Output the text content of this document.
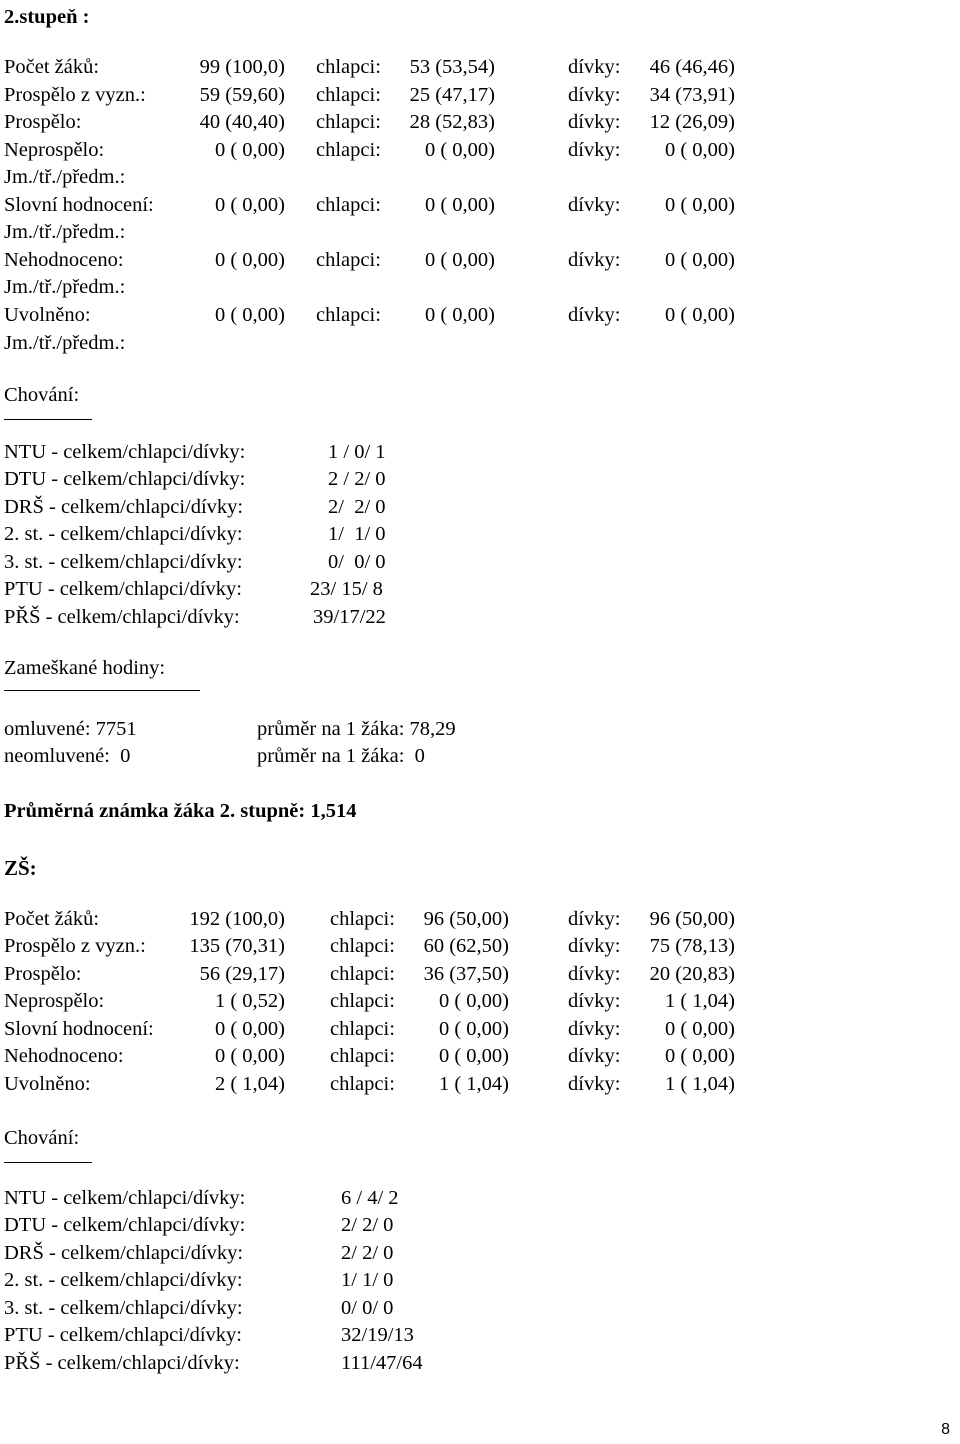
2.stupeň :
Počet žáků:	99 (100,0) chlapci: 53 (53,54)	dívky: 46 (46,46)
Prospělo z vyzn.:	59 (59,60) chlapci: 25 (47,17)	dívky: 34 (73,91)
Prospělo:	40 (40,40) chlapci: 28 (52,83)	dívky: 12 (26,09)
Neprospělo:	0 ( 0,00) chlapci: 0 ( 0,00)	dívky: 0 ( 0,00)
Jm./tř./předm.:
Slovní hodnocení:	0 ( 0,00) chlapci: 0 ( 0,00)	dívky: 0 ( 0,00)
Jm./tř./předm.:
Nehodnoceno:	0 ( 0,00) chlapci: 0 ( 0,00)	dívky: 0 ( 0,00)
Jm./tř./předm.:
Uvolněno:	0 ( 0,00) chlapci: 0 ( 0,00)	dívky: 0 ( 0,00)
Jm./tř./předm.:
Chování:
NTU - celkem/chlapci/dívky:	1 / 0/ 1
DTU - celkem/chlapci/dívky:	2 / 2/ 0
DRŠ - celkem/chlapci/dívky:	2/  2/ 0
2. st. - celkem/chlapci/dívky:	1/  1/ 0
3. st. - celkem/chlapci/dívky:	0/  0/ 0
PTU - celkem/chlapci/dívky:	23/ 15/ 8
PŘŠ - celkem/chlapci/dívky:	39/17/22
Zameškané hodiny:
omluvené: 7751	průměr na 1 žáka: 78,29
neomluvené:  0	průměr na 1 žáka:  0
Průměrná známka žáka 2. stupně: 1,514
ZŠ:
Počet žáků:	192 (100,0) chlapci: 96 (50,00)	dívky: 96 (50,00)
Prospělo z vyzn.: 135 (70,31) chlapci: 60 (62,50)	dívky: 75 (78,13)
Prospělo:	56 (29,17) chlapci: 36 (37,50)	dívky: 20 (20,83)
Neprospělo:	1 ( 0,52) chlapci: 0 ( 0,00)	dívky: 1 ( 1,04)
Slovní hodnocení:	0 ( 0,00) chlapci: 0 ( 0,00)	dívky: 0 ( 0,00)
Nehodnoceno:	0 ( 0,00) chlapci: 0 ( 0,00)	dívky: 0 ( 0,00)
Uvolněno:	2 ( 1,04) chlapci: 1 ( 1,04)	dívky: 1 ( 1,04)
Chování:
NTU - celkem/chlapci/dívky:	6 / 4/ 2
DTU - celkem/chlapci/dívky:	2/ 2/ 0
DRŠ - celkem/chlapci/dívky:	2/ 2/ 0
2. st. - celkem/chlapci/dívky:	1/ 1/ 0
3. st. - celkem/chlapci/dívky:	0/ 0/ 0
PTU - celkem/chlapci/dívky:	32/19/13
PŘŠ - celkem/chlapci/dívky:	111/47/64
8
